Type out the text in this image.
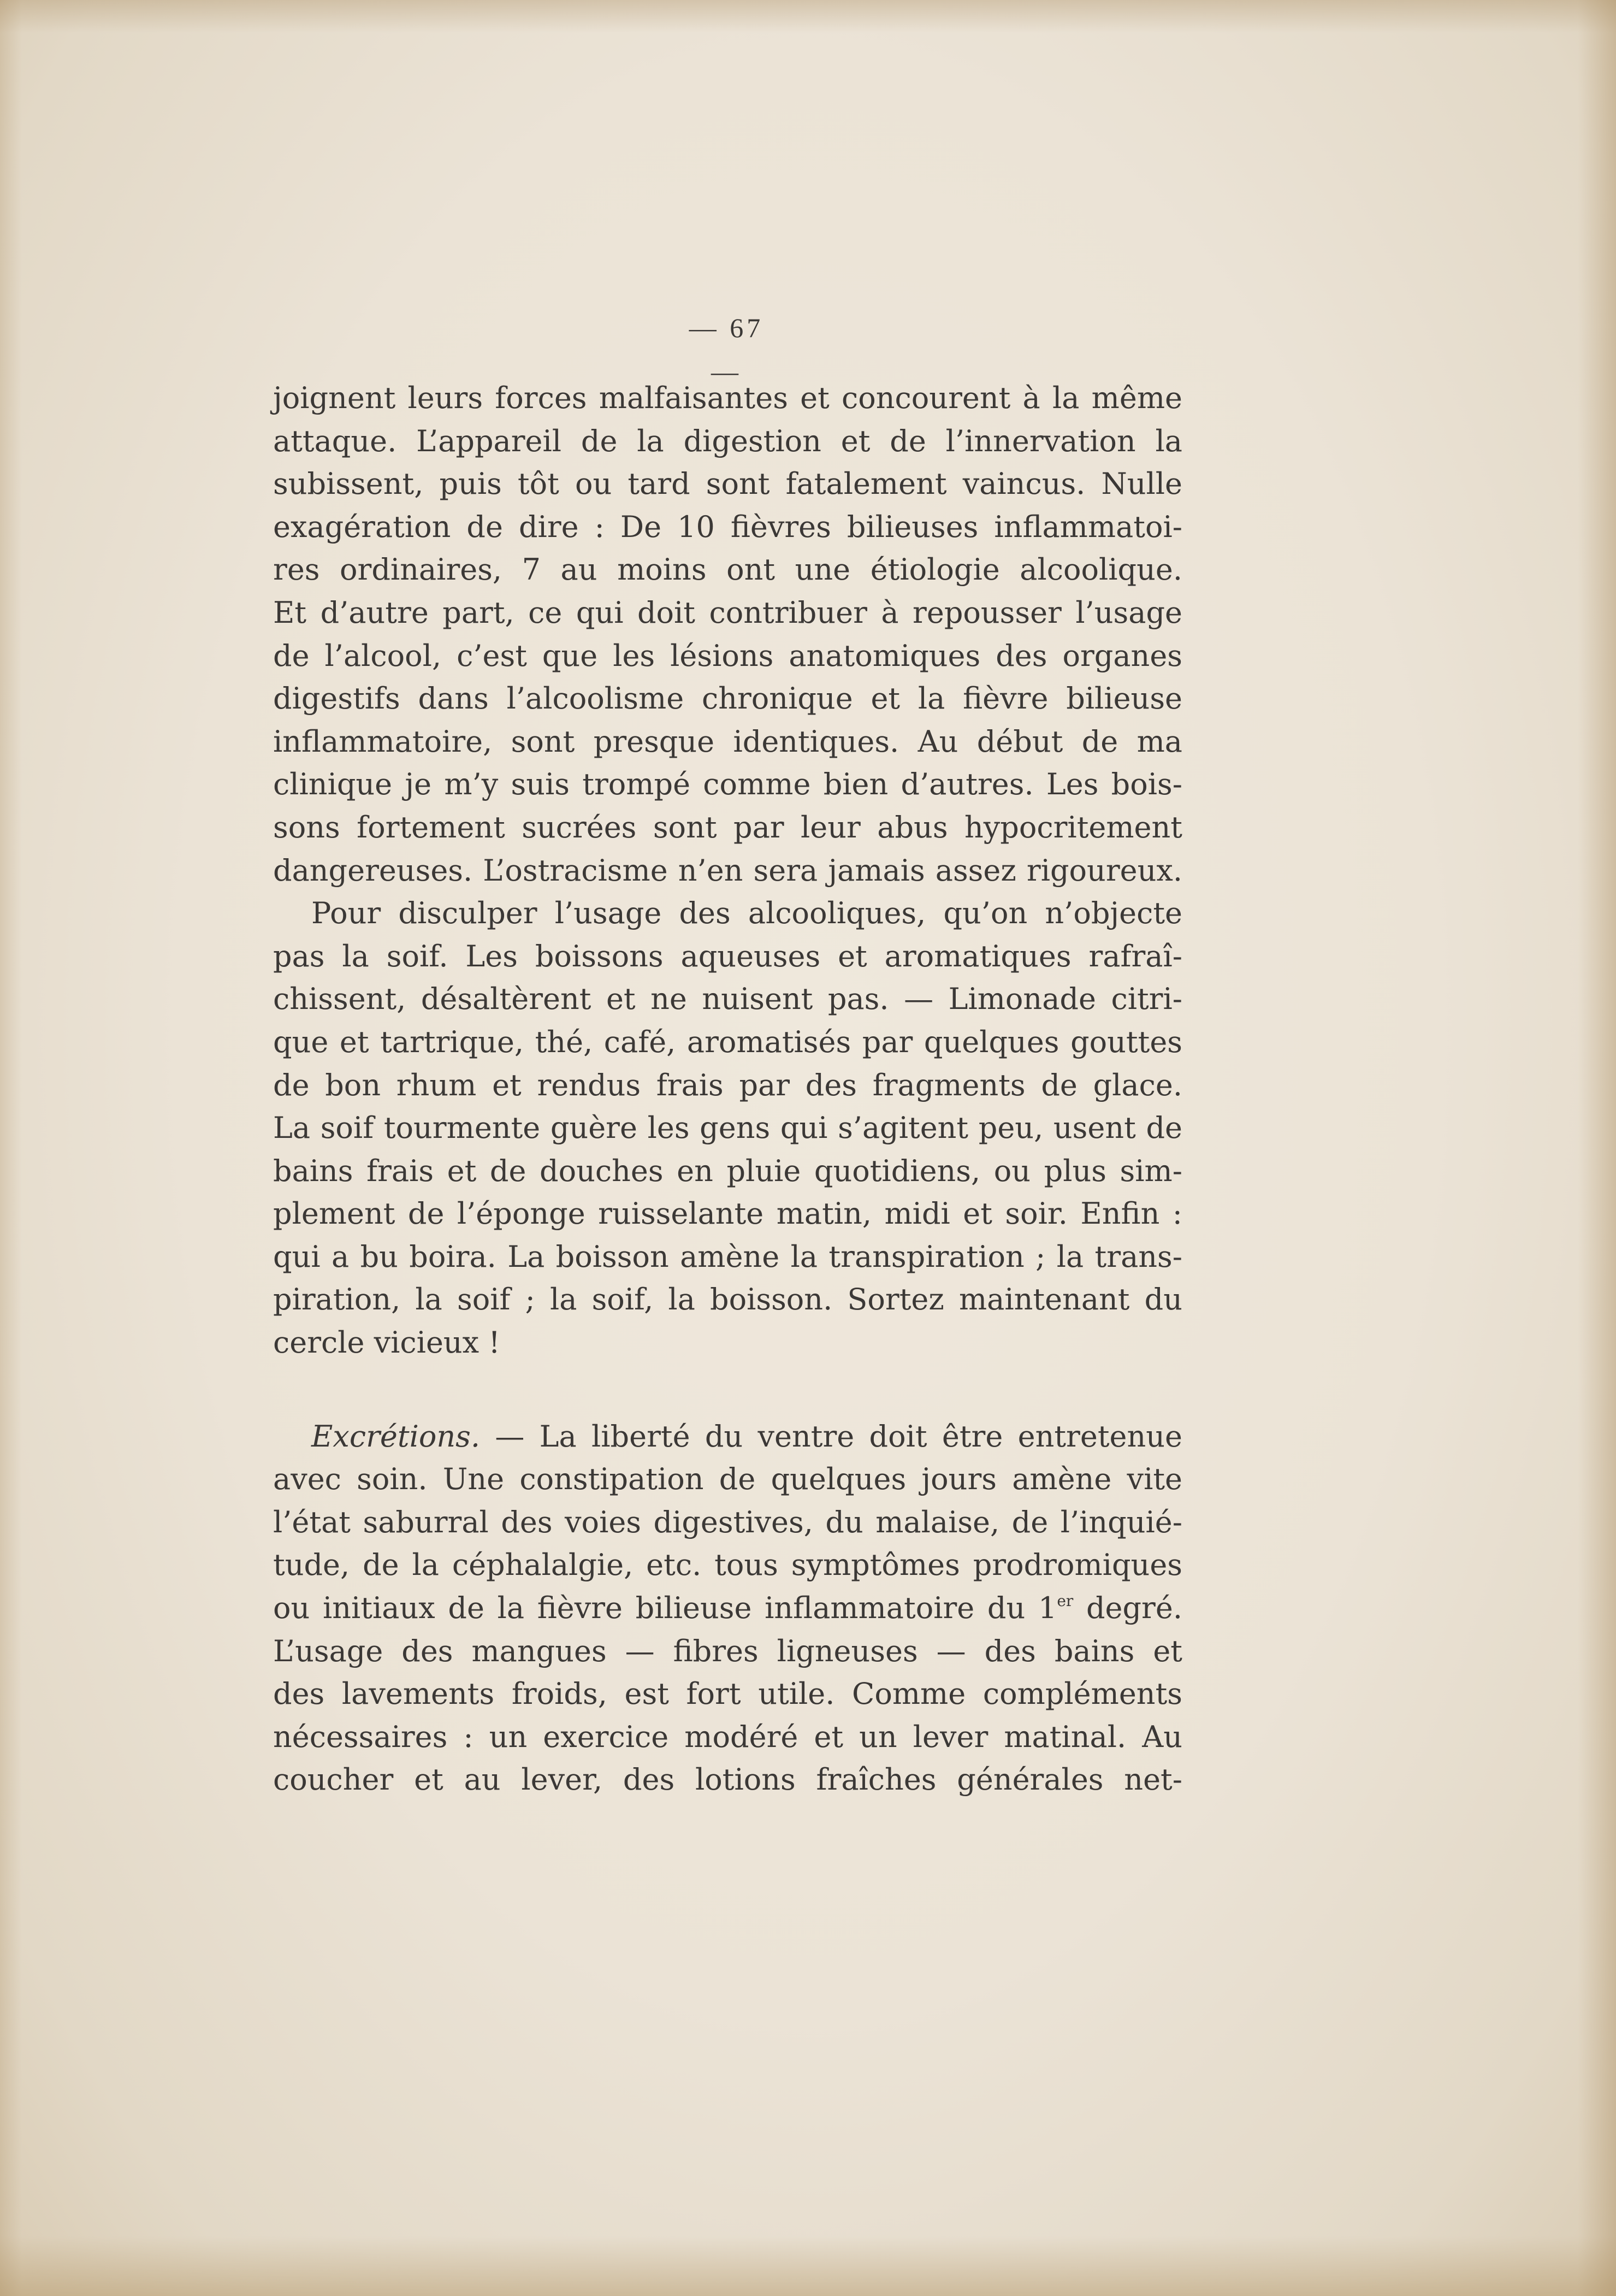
— 67 —
joignent leurs forces malfaisantes et concourent à la même
attaque. L’appareil de la digestion et de l’innervation la
subissent, puis tôt ou tard sont fatalement vaincus. Nulle
exagération de dire : De 10 fièvres bilieuses inflammatoi-
res ordinaires, 7 au moins ont une étiologie alcoolique.
Et d’autre part, ce qui doit contribuer à repousser l’usage
de l’alcool, c’est que les lésions anatomiques des organes
digestifs dans l’alcoolisme chronique et la fièvre bilieuse
inflammatoire, sont presque identiques. Au début de ma
clinique je m’y suis trompé comme bien d’autres. Les bois-
sons fortement sucrées sont par leur abus hypocritement
dangereuses. L’ostracisme n’en sera jamais assez rigoureux.
Pour disculper l’usage des alcooliques, qu’on n’objecte
pas la soif. Les boissons aqueuses et aromatiques rafraî-
chissent, désaltèrent et ne nuisent pas. — Limonade citri-
que et tartrique, thé, café, aromatisés par quelques gouttes
de bon rhum et rendus frais par des fragments de glace.
La soif tourmente guère les gens qui s’agitent peu, usent de
bains frais et de douches en pluie quotidiens, ou plus sim-
plement de l’éponge ruisselante matin, midi et soir. Enfin :
qui a bu boira. La boisson amène la transpiration ; la trans-
piration, la soif ; la soif, la boisson. Sortez maintenant du
cercle vicieux !
Excrétions. — La liberté du ventre doit être entretenue
avec soin. Une constipation de quelques jours amène vite
l’état saburral des voies digestives, du malaise, de l’inquié-
tude, de la céphalalgie, etc. tous symptômes prodromiques
ou initiaux de la fièvre bilieuse inflammatoire du 1er degré.
L’usage des mangues — fibres ligneuses — des bains et
des lavements froids, est fort utile. Comme compléments
nécessaires : un exercice modéré et un lever matinal. Au
coucher et au lever, des lotions fraîches générales net-
